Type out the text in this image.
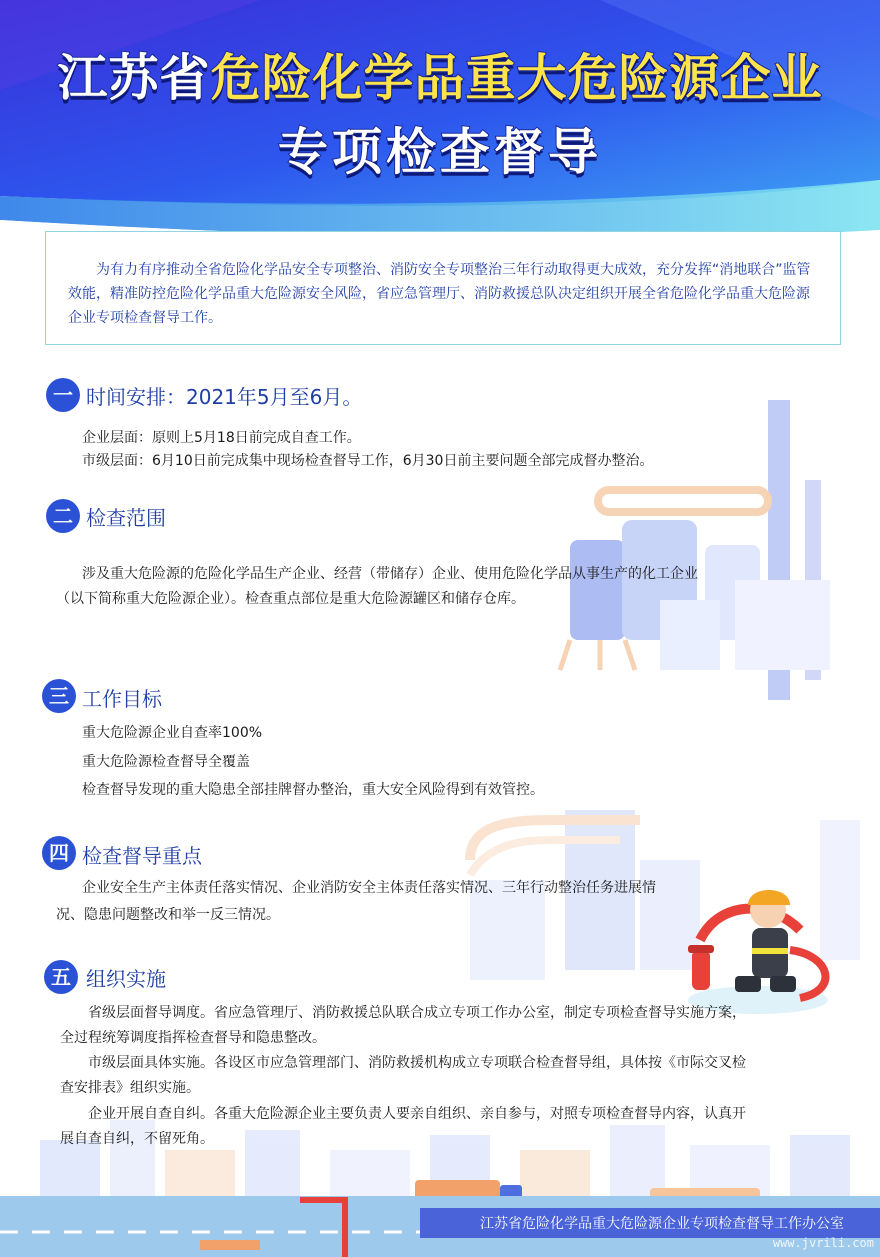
江苏省危险化学品重大危险源企业
专项检查督导
为有力有序推动全省危险化学品安全专项整治、消防安全专项整治三年行动取得更大成效，充分发挥“消地联合”监管效能，精准防控危险化学品重大危险源安全风险，省应急管理厅、消防救援总队决定组织开展全省危险化学品重大危险源企业专项检查督导工作。
一 时间安排：2021年5月至6月。
企业层面：原则上5月18日前完成自查工作。
市级层面：6月10日前完成集中现场检查督导工作，6月30日前主要问题全部完成督办整治。
二 检查范围
涉及重大危险源的危险化学品生产企业、经营（带储存）企业、使用危险化学品从事生产的化工企业
（以下简称重大危险源企业）。检查重点部位是重大危险源罐区和储存仓库。
三 工作目标
重大危险源企业自查率100%
重大危险源检查督导全覆盖
检查督导发现的重大隐患全部挂牌督办整治，重大安全风险得到有效管控。
四 检查督导重点
企业安全生产主体责任落实情况、企业消防安全主体责任落实情况、三年行动整治任务进展情
况、隐患问题整改和举一反三情况。
五 组织实施
省级层面督导调度。省应急管理厅、消防救援总队联合成立专项工作办公室，制定专项检查督导实施方案，
全过程统筹调度指挥检查督导和隐患整改。
市级层面具体实施。各设区市应急管理部门、消防救援机构成立专项联合检查督导组，具体按《市际交叉检
查安排表》组织实施。
企业开展自查自纠。各重大危险源企业主要负责人要亲自组织、亲自参与，对照专项检查督导内容，认真开
展自查自纠，不留死角。
江苏省危险化学品重大危险源企业专项检查督导工作办公室
www.jvrili.com
